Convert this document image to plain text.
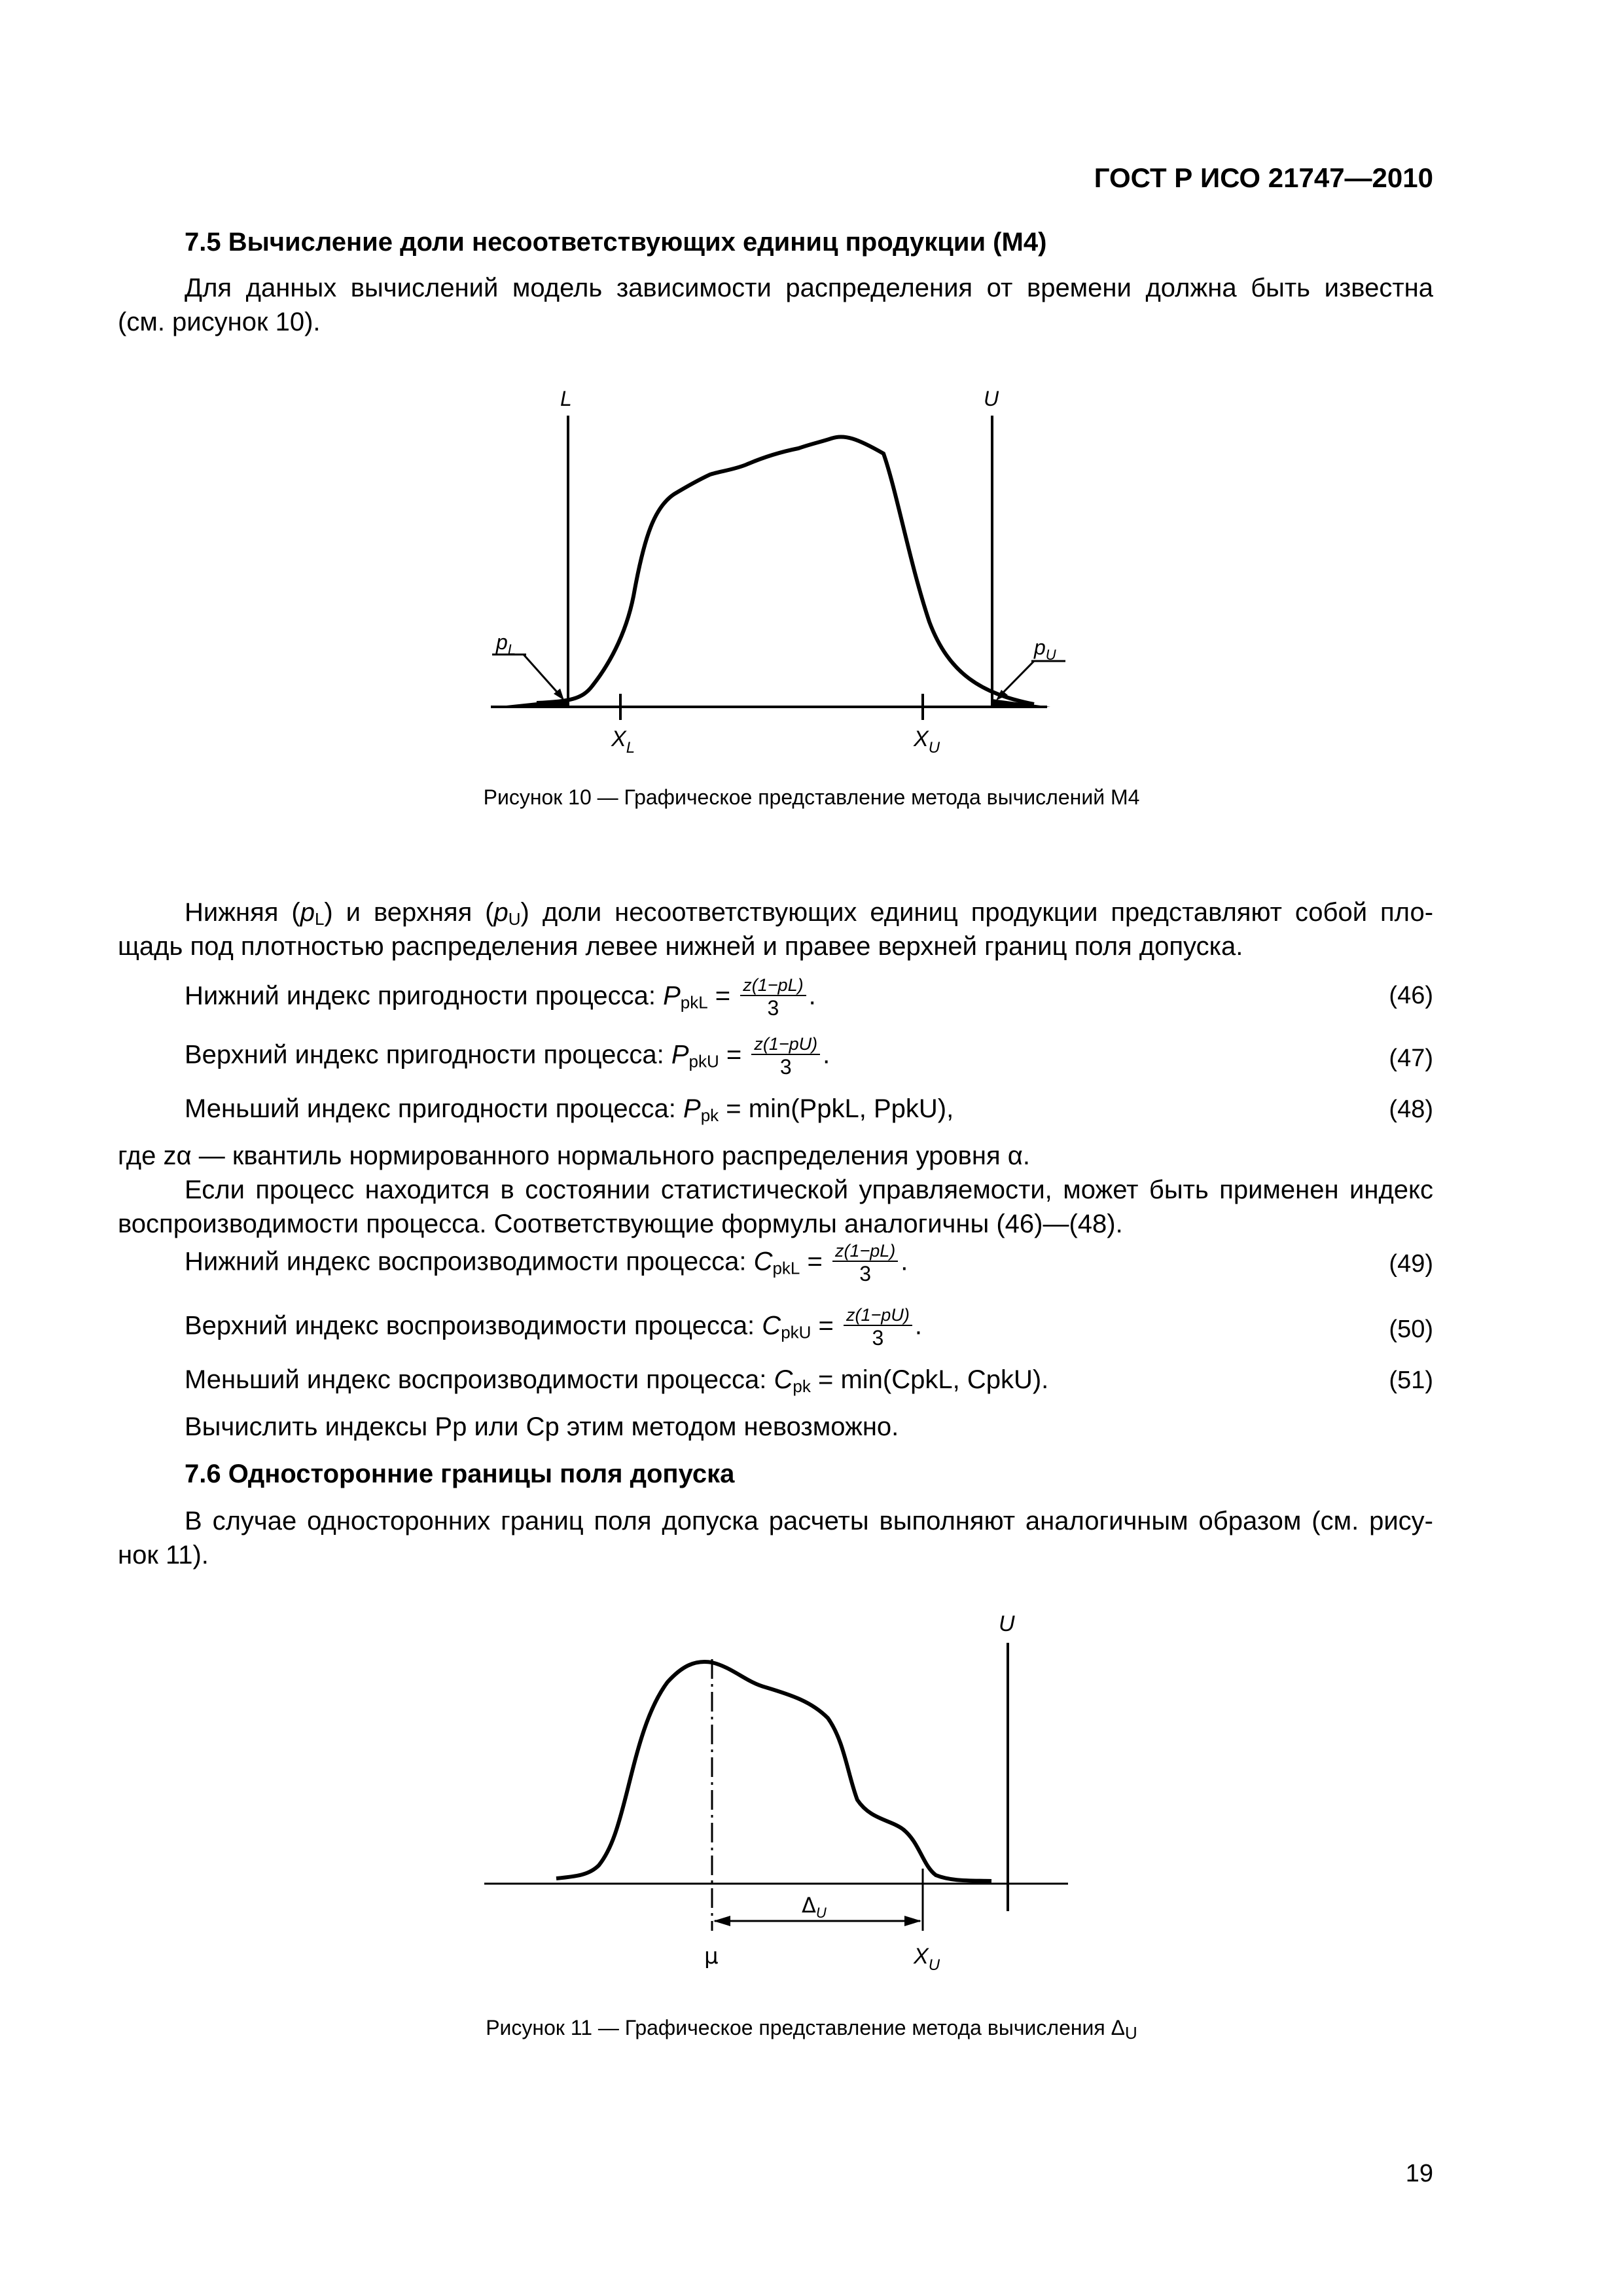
ГОСТ Р ИСО 21747—2010
7.5 Вычисление доли несоответствующих единиц продукции (М4)
Для данных вычислений модель зависимости распределения от времени должна быть известна
(см. рисунок 10).
L	U
$p_L$	$p_U$
$X_L$	$X_U$
Рисунок 10 — Графическое представление метода вычислений М4
Нижняя $(p_L)$ и верхняя $(p_U)$ доли несоответствующих единиц продукции представляют собой пло-
щадь под плотностью распределения левее нижней и правее верхней границ поля допуска.
Нижний индекс пригодности процесса: $P_{pkL} = \frac{z(1-pL)}{3}$ .	(46)
Верхний индекс пригодности процесса: $P_{pkU} = \frac{z(1-pU)}{3}$ .	(47)
Меньший индекс пригодности процесса: $P_{pk}$ = min(PpkL, PpkU),	(48)
где zα — квантиль нормированного нормального распределения уровня α.
Если процесс находится в состоянии статистической управляемости, может быть применен индекс
воспроизводимости процесса. Соответствующие формулы аналогичны (46)—(48).
Нижний индекс воспроизводимости процесса: $C_{pkL} = \frac{z(1-pL)}{3}$ .	(49)
Верхний индекс воспроизводимости процесса: $C_{pkU} = \frac{z(1-pU)}{3}$ .	(50)
Меньший индекс воспроизводимости процесса: $C_{pk}$ = min(CpkL, CpkU).	(51)
Вычислить индексы Pp или Cp этим методом невозможно.
7.6 Односторонние границы поля допуска
В случае односторонних границ поля допуска расчеты выполняют аналогичным образом (см. рису-
нок 11).
U
$\Delta_U$
μ	$X_U$
Рисунок 11 — Графическое представление метода вычисления $\Delta_U$
19
